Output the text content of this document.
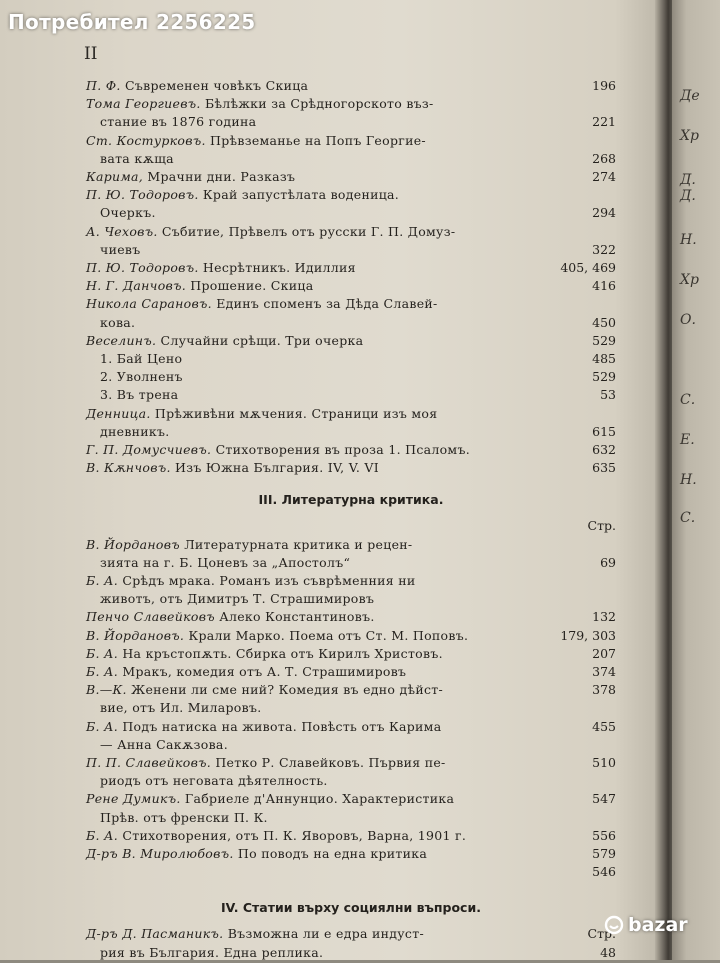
Де
Хр
Д.
Д.
Н.
Хр
О.
С.
Е.
Н.
С.
II
П. Ф. Съвременен човѣкъ Скица	196
Тома Георгиевъ. Бѣлѣжки за Срѣдногорското въз-
стание въ 1876 година	221
Ст. Костурковъ. Прѣвземанье на Попъ Георгие-
вата кѫща	268
Карима, Мрачни дни. Разказъ	274
П. Ю. Тодоровъ. Край запустѣлата воденица.
Очеркъ.	294
А. Чеховъ. Събитие, Прѣвелъ отъ русски Г. П. Домуз-
чиевъ	322
П. Ю. Тодоровъ. Несрѣтникъ. Идиллия	405, 469
Н. Г. Данчовъ. Прошение. Скица	416
Никола Сарановъ. Единъ споменъ за Дѣда Славей-
кова.	450
Веселинъ. Случайни срѣщи. Три очерка	529
1. Бай Цено	485
2. Уволненъ	529
3. Въ трена	53
Денница. Прѣживѣни мѫчения. Страници изъ моя
дневникъ.	615
Г. П. Домусчиевъ. Стихотворения въ проза 1. Псаломъ.	632
В. Кѫнчовъ. Изъ Южна България. IV, V. VI	635
III. Литературна критика.
Стр.
В. Йордановъ Литературната критика и рецен-
зията на г. Б. Цоневъ за „Апостолъ“	69
Б. А. Срѣдъ мрака. Романъ изъ съврѣменния ни
животъ, отъ Димитръ Т. Страшимировъ
Пенчо Славейковъ Алеко Константиновъ.	132
В. Йордановъ. Крали Марко. Поема отъ Ст. М. Поповъ.	179, 303
Б. А. На кръстопѫть. Сбирка отъ Кирилъ Христовъ.	207
Б. А. Мракъ, комедия отъ А. Т. Страшимировъ	374
В.—К. Женени ли сме ний? Комедия въ едно дѣйст-	378
вие, отъ Ил. Миларовъ.
Б. А. Подъ натиска на живота. Повѣсть отъ Карима	455
— Анна Сакѫзова.
П. П. Славейковъ. Петко Р. Славейковъ. Първия пе-	510
риодъ отъ неговата дѣятелность.
Рене Думикъ. Габриеле д'Аннунцио. Характеристика	547
Прѣв. отъ френски П. К.
Б. А. Стихотворения, отъ П. К. Яворовъ, Варна, 1901 г.	556
Д-ръ В. Миролюбовъ. По поводъ на една критика	579
546
IV. Статии върху социялни въпроси.
Д-ръ Д. Пасманикъ. Възможна ли е едра индуст-	Стр.
рия въ България. Една реплика.	48
Потребител 2256225
bazar
